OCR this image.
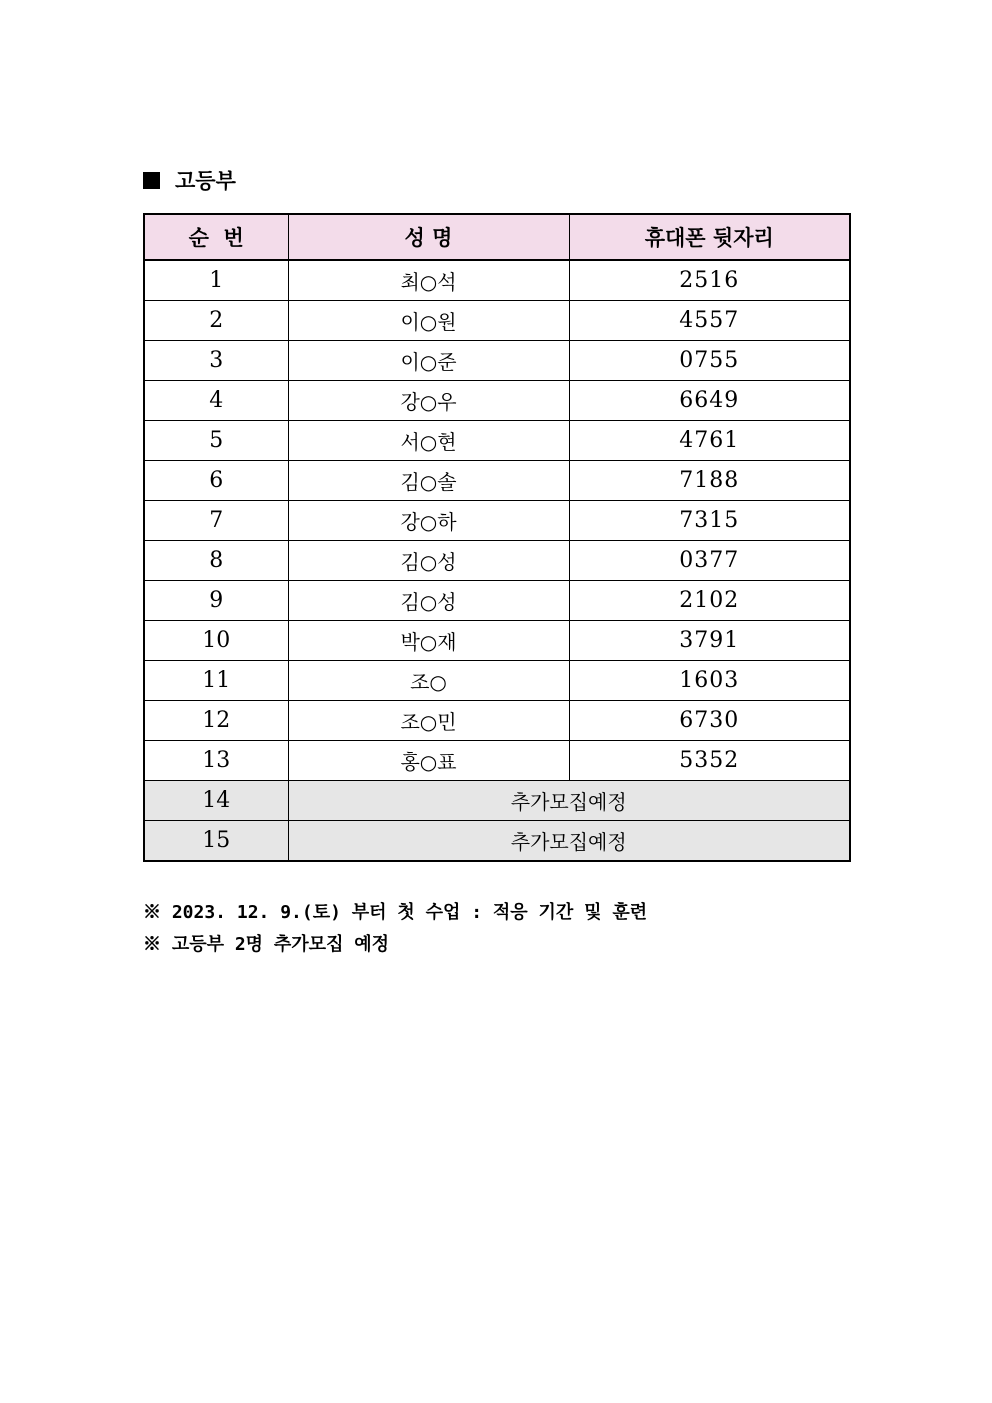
고등부
순  번	성 명	휴대폰 뒷자리
1	최○석	2516
2	이○원	4557
3	이○준	0755
4	강○우	6649
5	서○현	4761
6	김○솔	7188
7	강○하	7315
8	김○성	0377
9	김○성	2102
10	박○재	3791
11	조○	1603
12	조○민	6730
13	홍○표	5352
14	추가모집예정	
15	추가모집예정	
※ 2023. 12. 9.(토) 부터 첫 수업 : 적응 기간 및 훈련
※ 고등부 2명 추가모집 예정
